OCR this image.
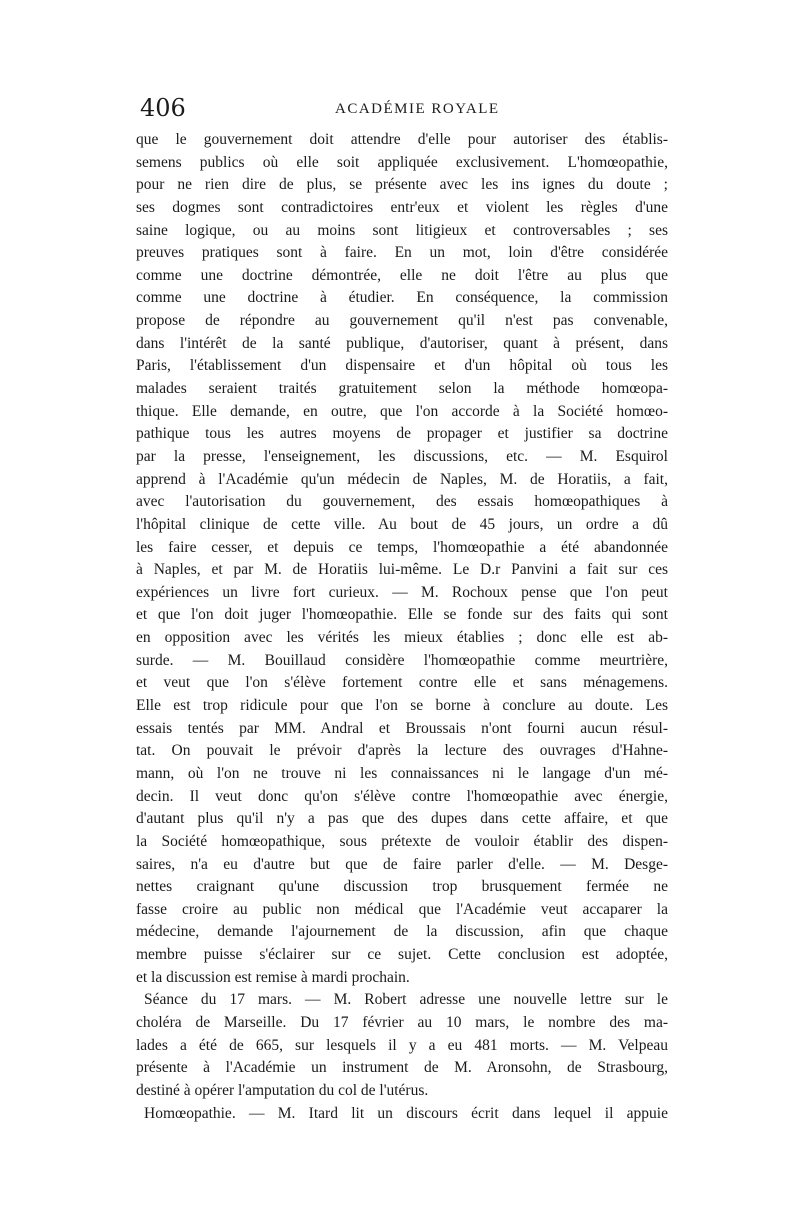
406	ACADÉMIE ROYALE
que le gouvernement doit attendre d'elle pour autoriser des établis-
semens publics où elle soit appliquée exclusivement. L'homœopathie,
pour ne rien dire de plus, se présente avec les ins ignes du doute ;
ses dogmes sont contradictoires entr'eux et violent les règles d'une
saine logique, ou au moins sont litigieux et controversables ; ses
preuves pratiques sont à faire. En un mot, loin d'être considérée
comme une doctrine démontrée, elle ne doit l'être au plus que
comme une doctrine à étudier. En conséquence, la commission
propose de répondre au gouvernement qu'il n'est pas convenable,
dans l'intérêt de la santé publique, d'autoriser, quant à présent, dans
Paris, l'établissement d'un dispensaire et d'un hôpital où tous les
malades seraient traités gratuitement selon la méthode homœopa-
thique. Elle demande, en outre, que l'on accorde à la Société homœo-
pathique tous les autres moyens de propager et justifier sa doctrine
par la presse, l'enseignement, les discussions, etc. — M. Esquirol
apprend à l'Académie qu'un médecin de Naples, M. de Horatiis, a fait,
avec l'autorisation du gouvernement, des essais homœopathiques à
l'hôpital clinique de cette ville. Au bout de 45 jours, un ordre a dû
les faire cesser, et depuis ce temps, l'homœopathie a été abandonnée
à Naples, et par M. de Horatiis lui-même. Le D.r Panvini a fait sur ces
expériences un livre fort curieux. — M. Rochoux pense que l'on peut
et que l'on doit juger l'homœopathie. Elle se fonde sur des faits qui sont
en opposition avec les vérités les mieux établies ; donc elle est ab-
surde. — M. Bouillaud considère l'homœopathie comme meurtrière,
et veut que l'on s'élève fortement contre elle et sans ménagemens.
Elle est trop ridicule pour que l'on se borne à conclure au doute. Les
essais tentés par MM. Andral et Broussais n'ont fourni aucun résul-
tat. On pouvait le prévoir d'après la lecture des ouvrages d'Hahne-
mann, où l'on ne trouve ni les connaissances ni le langage d'un mé-
decin. Il veut donc qu'on s'élève contre l'homœopathie avec énergie,
d'autant plus qu'il n'y a pas que des dupes dans cette affaire, et que
la Société homœopathique, sous prétexte de vouloir établir des dispen-
saires, n'a eu d'autre but que de faire parler d'elle. — M. Desge-
nettes craignant qu'une discussion trop brusquement fermée ne
fasse croire au public non médical que l'Académie veut accaparer la
médecine, demande l'ajournement de la discussion, afin que chaque
membre puisse s'éclairer sur ce sujet. Cette conclusion est adoptée,
et la discussion est remise à mardi prochain.
Séance du 17 mars. — M. Robert adresse une nouvelle lettre sur le
choléra de Marseille. Du 17 février au 10 mars, le nombre des ma-
lades a été de 665, sur lesquels il y a eu 481 morts. — M. Velpeau
présente à l'Académie un instrument de M. Aronsohn, de Strasbourg,
destiné à opérer l'amputation du col de l'utérus.
Homœopathie. — M. Itard lit un discours écrit dans lequel il appuie
